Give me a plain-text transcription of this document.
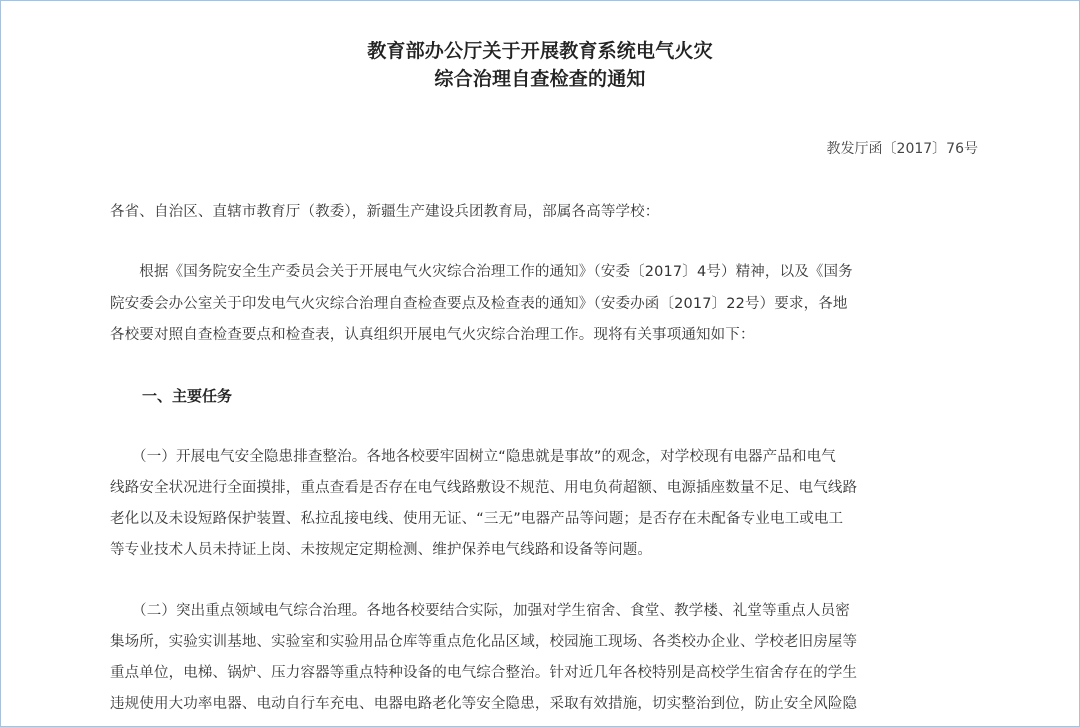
教育部办公厅关于开展教育系统电气火灾
综合治理自查检查的通知
教发厅函〔2017〕76号
各省、自治区、直辖市教育厅（教委），新疆生产建设兵团教育局，部属各高等学校：
　　根据《国务院安全生产委员会关于开展电气火灾综合治理工作的通知》（安委〔2017〕4号）精神，以及《国务
院安委会办公室关于印发电气火灾综合治理自查检查要点及检查表的通知》（安委办函〔2017〕22号）要求，各地
各校要对照自查检查要点和检查表，认真组织开展电气火灾综合治理工作。现将有关事项通知如下：
一、主要任务
　　（一）开展电气安全隐患排查整治。各地各校要牢固树立“隐患就是事故”的观念，对学校现有电器产品和电气
线路安全状况进行全面摸排，重点查看是否存在电气线路敷设不规范、用电负荷超额、电源插座数量不足、电气线路
老化以及未设短路保护装置、私拉乱接电线、使用无证、“三无”电器产品等问题；是否存在未配备专业电工或电工
等专业技术人员未持证上岗、未按规定定期检测、维护保养电气线路和设备等问题。
　　（二）突出重点领域电气综合治理。各地各校要结合实际，加强对学生宿舍、食堂、教学楼、礼堂等重点人员密
集场所，实验实训基地、实验室和实验用品仓库等重点危化品区域，校园施工现场、各类校办企业、学校老旧房屋等
重点单位，电梯、锅炉、压力容器等重点特种设备的电气综合整治。针对近几年各校特别是高校学生宿舍存在的学生
违规使用大功率电器、电动自行车充电、电器电路老化等安全隐患，采取有效措施，切实整治到位，防止安全风险隐
